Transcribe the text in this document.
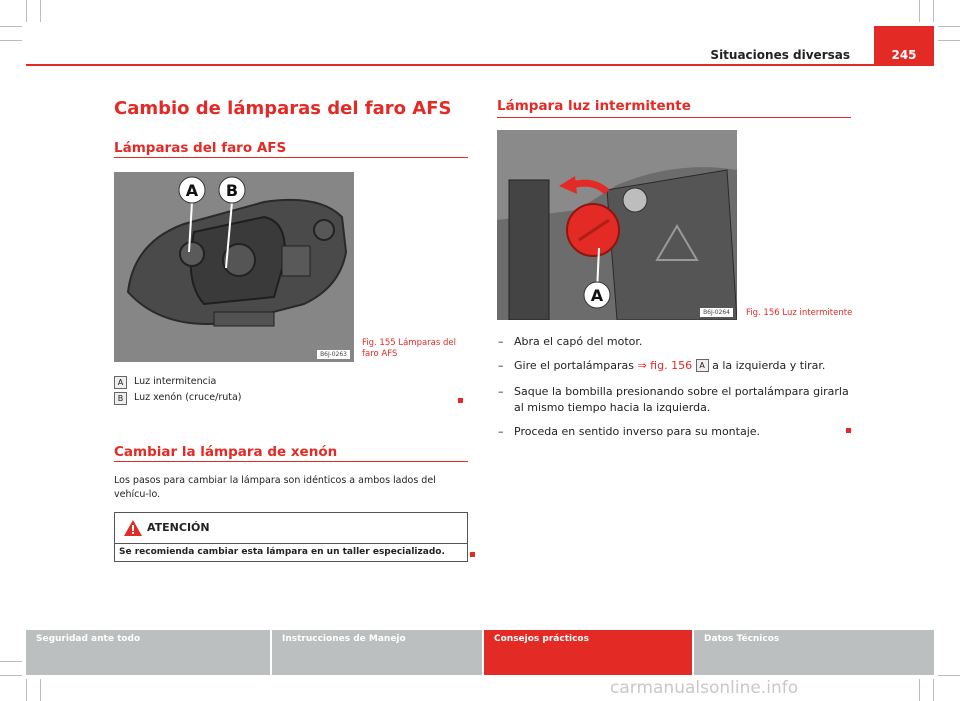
Situaciones diversas	245
Cambio de lámparas del faro AFS
Lámparas del faro AFS
A B
B6J-0263
Fig. 155 Lámparas del faro AFS
A	Luz intermitencia
B	Luz xenón (cruce/ruta)
Cambiar la lámpara de xenón
Los pasos para cambiar la lámpara son idénticos a ambos lados del vehícu-lo.
ATENCIÓN
Se recomienda cambiar esta lámpara en un taller especializado.
Lámpara luz intermitente
A
B6J-0264	Fig. 156 Luz intermitente
– Abra el capó del motor.
– Gire el portalámparas ⇒ fig. 156 A a la izquierda y tirar.
– Saque la bombilla presionando sobre el portalámpara girarla al mismo tiempo hacia la izquierda.
– Proceda en sentido inverso para su montaje.
Seguridad ante todo	Instrucciones de Manejo	Consejos prácticos	Datos Técnicos
carmanualsonline.info
